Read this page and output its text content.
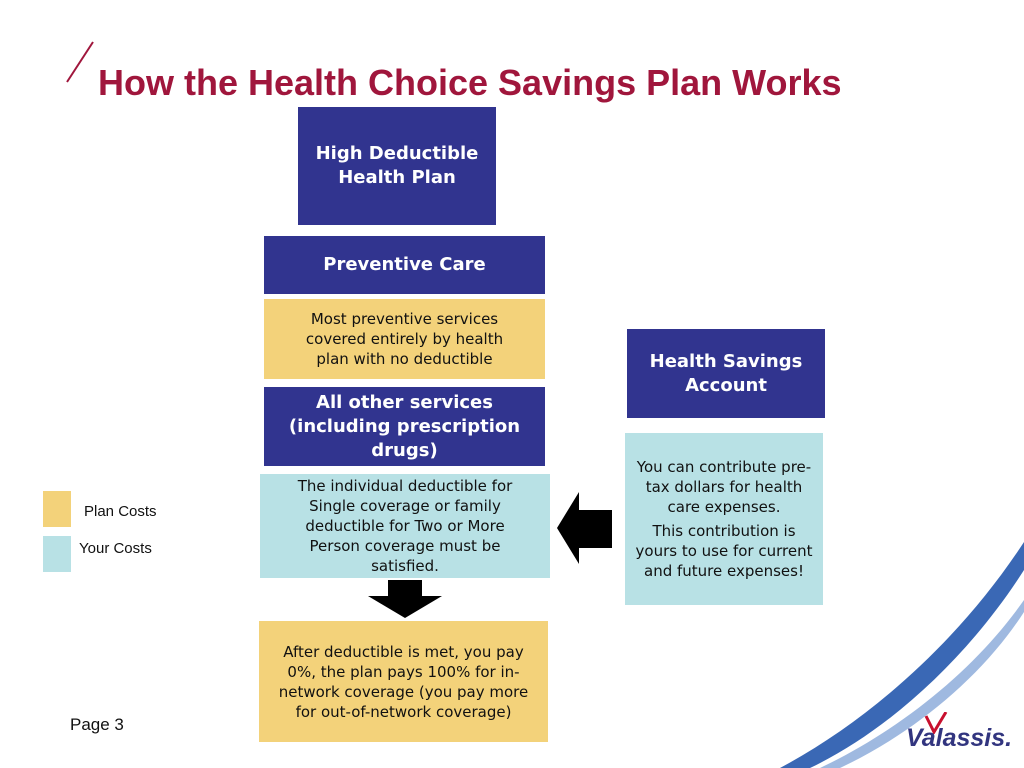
How the Health Choice Savings Plan Works
High Deductible Health Plan
Preventive Care
Most preventive services covered entirely by health plan with no deductible
All other services (including prescription drugs)
The individual deductible for Single coverage or family deductible for Two or More Person coverage must be satisfied.
After deductible is met, you pay 0%, the plan pays 100% for in-network coverage (you pay more for out-of-network coverage)
Health Savings Account

You can contribute pre-tax dollars for health care expenses.

This contribution is yours to use for current and future expenses!

Plan Costs
Your Costs
Page 3	Valassis.
